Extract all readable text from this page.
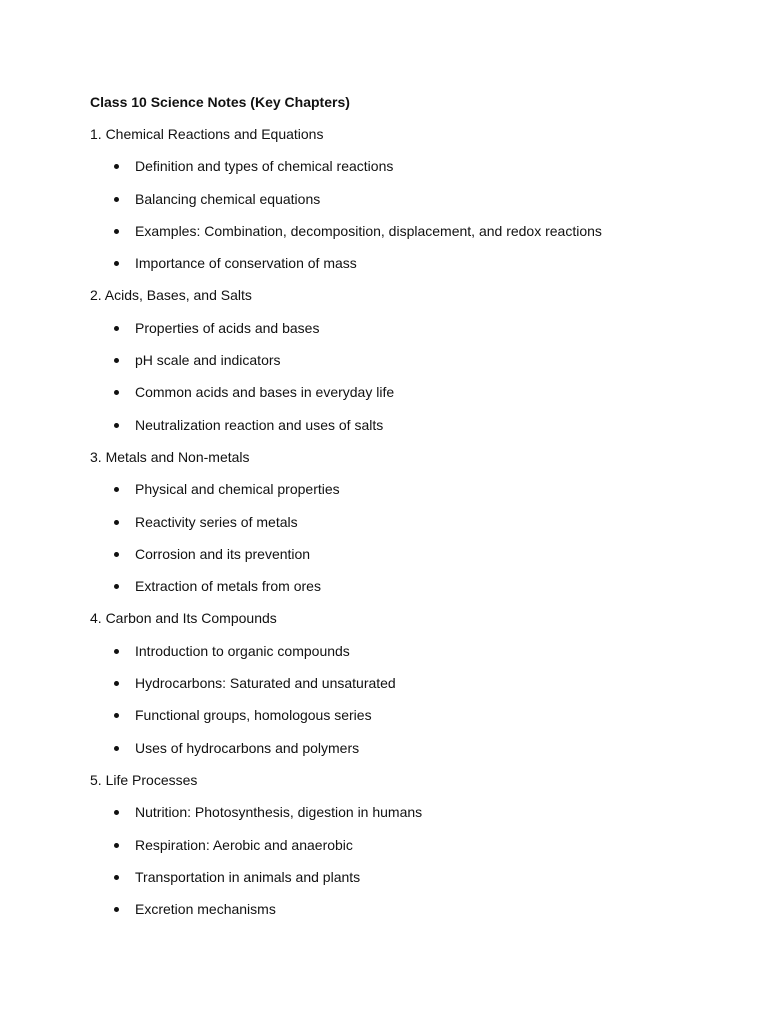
Class 10 Science Notes (Key Chapters)
1. Chemical Reactions and Equations
Definition and types of chemical reactions
Balancing chemical equations
Examples: Combination, decomposition, displacement, and redox reactions
Importance of conservation of mass
2. Acids, Bases, and Salts
Properties of acids and bases
pH scale and indicators
Common acids and bases in everyday life
Neutralization reaction and uses of salts
3. Metals and Non-metals
Physical and chemical properties
Reactivity series of metals
Corrosion and its prevention
Extraction of metals from ores
4. Carbon and Its Compounds
Introduction to organic compounds
Hydrocarbons: Saturated and unsaturated
Functional groups, homologous series
Uses of hydrocarbons and polymers
5. Life Processes
Nutrition: Photosynthesis, digestion in humans
Respiration: Aerobic and anaerobic
Transportation in animals and plants
Excretion mechanisms
